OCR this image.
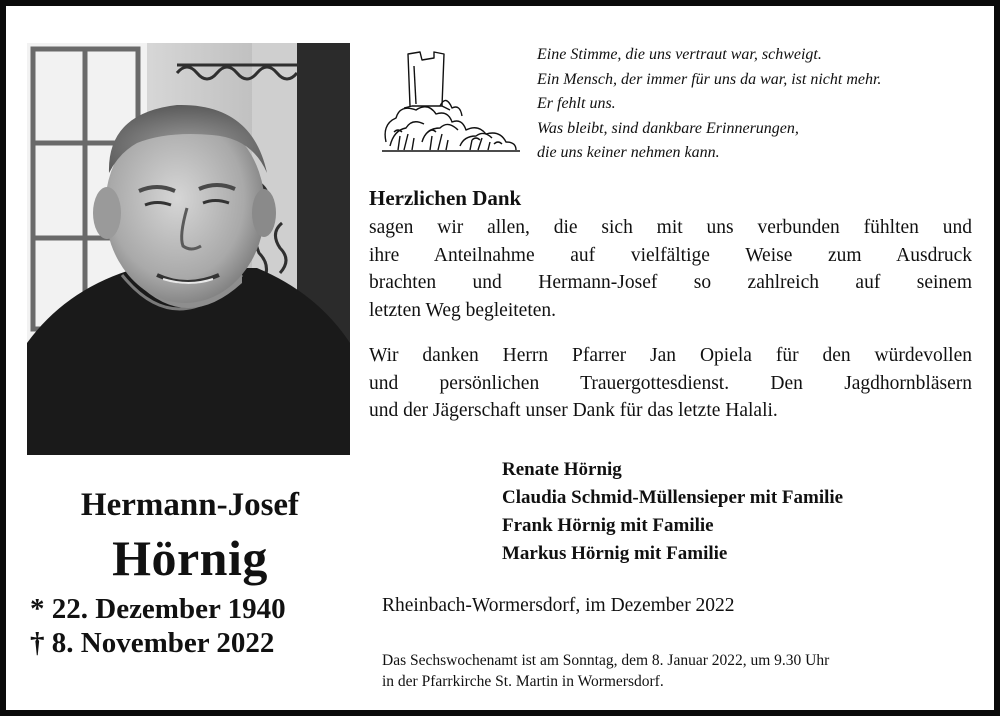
Hermann-Josef
Hörnig
* 22. Dezember 1940
† 8. November 2022
Eine Stimme, die uns vertraut war, schweigt.
Ein Mensch, der immer für uns da war, ist nicht mehr.
Er fehlt uns.
Was bleibt, sind dankbare Erinnerungen,
die uns keiner nehmen kann.
Herzlichen Dank
sagen wir allen, die sich mit uns verbunden fühlten und
ihre Anteilnahme auf vielfältige Weise zum Ausdruck
brachten und Hermann-Josef so zahlreich auf seinem
letzten Weg begleiteten.
Wir danken Herrn Pfarrer Jan Opiela für den würdevollen
und persönlichen Trauergottesdienst. Den Jagdhornbläsern
und der Jägerschaft unser Dank für das letzte Halali.
Renate Hörnig
Claudia Schmid-Müllensieper mit Familie
Frank Hörnig mit Familie
Markus Hörnig mit Familie
Rheinbach-Wormersdorf, im Dezember 2022
Das Sechswochenamt ist am Sonntag, dem 8. Januar 2022, um 9.30 Uhr
in der Pfarrkirche St. Martin in Wormersdorf.
